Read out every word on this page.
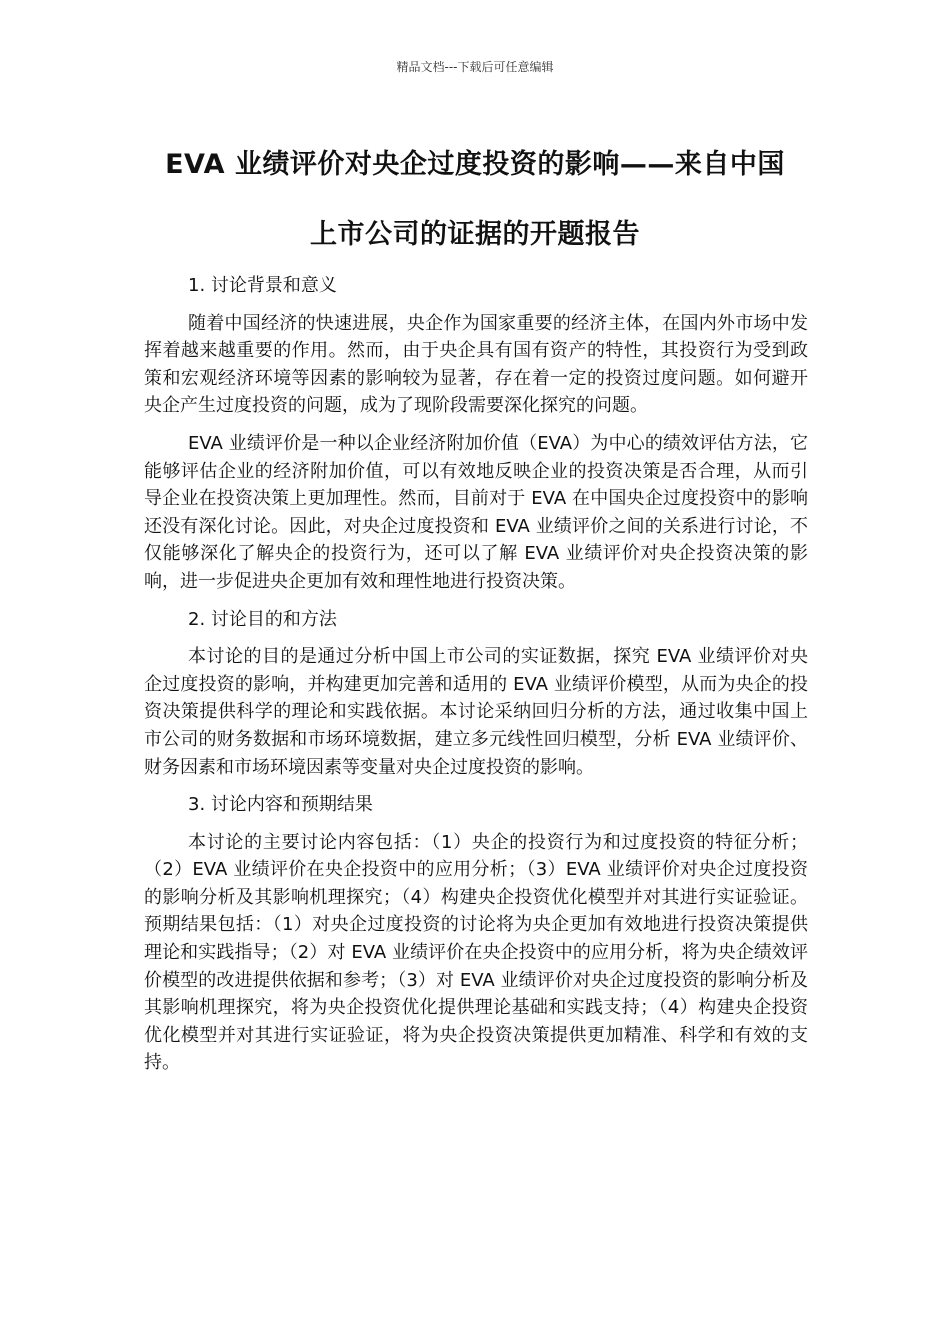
精品文档---下载后可任意编辑
EVA 业绩评价对央企过度投资的影响——来自中国
上市公司的证据的开题报告

1. 讨论背景和意义

随着中国经济的快速进展，央企作为国家重要的经济主体，在国内外市场中发挥着越来越重要的作用。然而，由于央企具有国有资产的特性，其投资行为受到政策和宏观经济环境等因素的影响较为显著，存在着一定的投资过度问题。如何避开央企产生过度投资的问题，成为了现阶段需要深化探究的问题。

EVA 业绩评价是一种以企业经济附加价值（EVA）为中心的绩效评估方法，它能够评估企业的经济附加价值，可以有效地反映企业的投资决策是否合理，从而引导企业在投资决策上更加理性。然而，目前对于 EVA 在中国央企过度投资中的影响还没有深化讨论。因此，对央企过度投资和 EVA 业绩评价之间的关系进行讨论，不仅能够深化了解央企的投资行为，还可以了解 EVA 业绩评价对央企投资决策的影响，进一步促进央企更加有效和理性地进行投资决策。

2. 讨论目的和方法

本讨论的目的是通过分析中国上市公司的实证数据，探究 EVA 业绩评价对央企过度投资的影响，并构建更加完善和适用的 EVA 业绩评价模型，从而为央企的投资决策提供科学的理论和实践依据。本讨论采纳回归分析的方法，通过收集中国上市公司的财务数据和市场环境数据，建立多元线性回归模型，分析 EVA 业绩评价、财务因素和市场环境因素等变量对央企过度投资的影响。

3. 讨论内容和预期结果

本讨论的主要讨论内容包括：（1）央企的投资行为和过度投资的特征分析；（2）EVA 业绩评价在央企投资中的应用分析；（3）EVA 业绩评价对央企过度投资的影响分析及其影响机理探究；（4）构建央企投资优化模型并对其进行实证验证。预期结果包括：（1）对央企过度投资的讨论将为央企更加有效地进行投资决策提供理论和实践指导；（2）对 EVA 业绩评价在央企投资中的应用分析，将为央企绩效评价模型的改进提供依据和参考；（3）对 EVA 业绩评价对央企过度投资的影响分析及其影响机理探究，将为央企投资优化提供理论基础和实践支持；（4）构建央企投资优化模型并对其进行实证验证，将为央企投资决策提供更加精准、科学和有效的支持。
